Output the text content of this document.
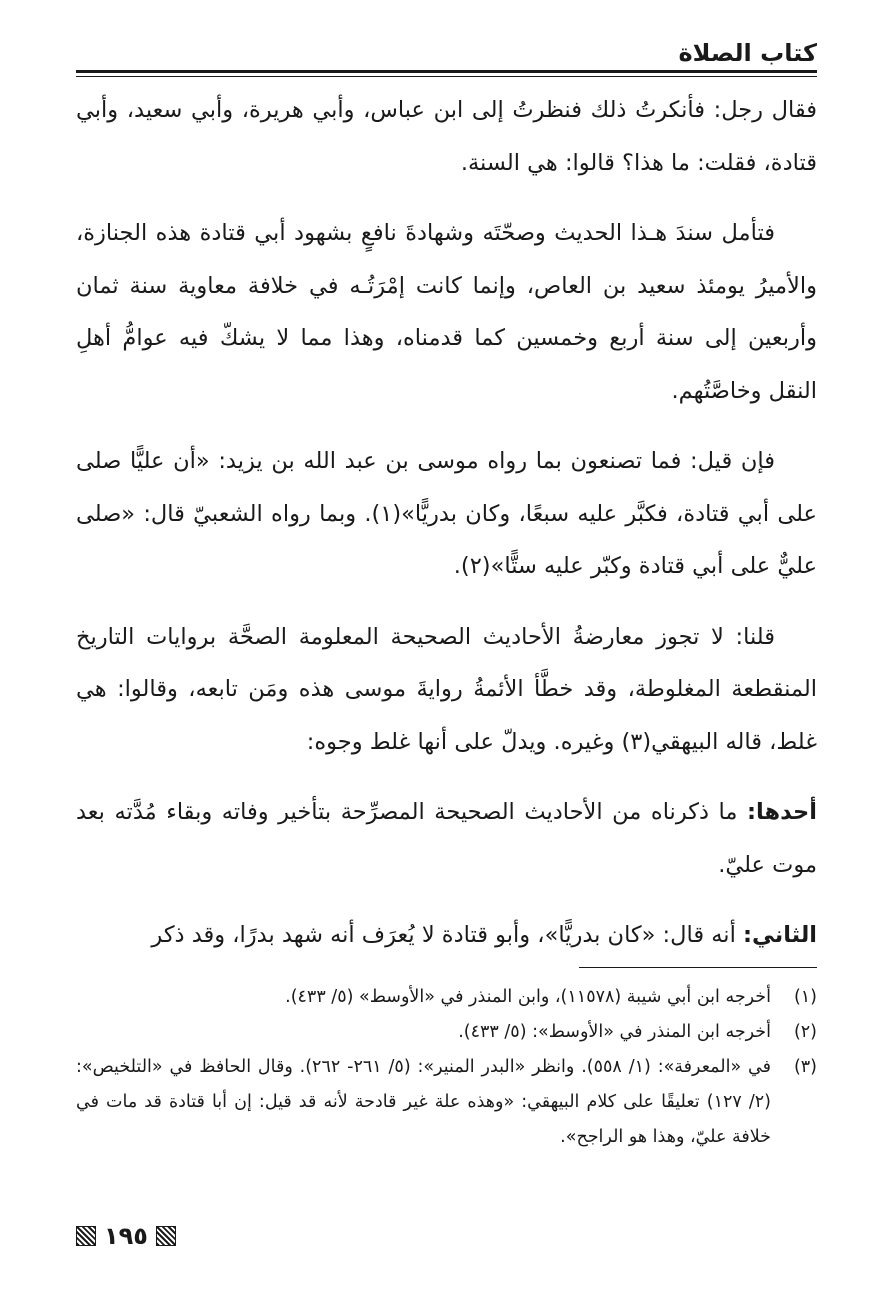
كتاب الصلاة

فقال رجل: فأنكرتُ ذلك فنظرتُ إلى ابن عباس، وأبي هريرة، وأبي سعيد، وأبي قتادة، فقلت: ما هذا؟ قالوا: هي السنة.

فتأمل سندَ هـذا الحديث وصحّتَه وشهادةَ نافعٍ بشهود أبي قتادة هذه الجنازة، والأميرُ يومئذ سعيد بن العاص، وإنما كانت إمْرَتُـه في خلافة معاوية سنة ثمان وأربعين إلى سنة أربع وخمسين كما قدمناه، وهذا مما لا يشكّ فيه عوامُّ أهلِ النقل وخاصَّتُهم.

فإن قيل: فما تصنعون بما رواه موسى بن عبد الله بن يزيد: «أن عليًّا صلى على أبي قتادة، فكبَّر عليه سبعًا، وكان بدريًّا»(١). وبما رواه الشعبيّ قال: «صلى عليٌّ على أبي قتادة وكبّر عليه ستًّا»(٢).

قلنا: لا تجوز معارضةُ الأحاديث الصحيحة المعلومة الصحَّة بروايات التاريخ المنقطعة المغلوطة، وقد خطَّأ الأئمةُ روايةَ موسى هذه ومَن تابعه، وقالوا: هي غلط، قاله البيهقي(٣) وغيره. ويدلّ على أنها غلط وجوه:

أحدها: ما ذكرناه من الأحاديث الصحيحة المصرِّحة بتأخير وفاته وبقاء مُدَّته بعد موت عليّ.

الثاني: أنه قال: «كان بدريًّا»، وأبو قتادة لا يُعرَف أنه شهد بدرًا، وقد ذكر

(١)
أخرجه ابن أبي شيبة (١١٥٧٨)، وابن المنذر في «الأوسط» (٥/ ٤٣٣).
(٢)
أخرجه ابن المنذر في «الأوسط»: (٥/ ٤٣٣).
(٣)
في «المعرفة»: (١/ ٥٥٨). وانظر «البدر المنير»: (٥/ ٢٦١- ٢٦٢). وقال الحافظ في «التلخيص»: (٢/ ١٢٧) تعليقًا على كلام البيهقي: «وهذه علة غير قادحة لأنه قد قيل: إن أبا قتادة قد مات في خلافة عليّ، وهذا هو الراجح».
١٩٥
